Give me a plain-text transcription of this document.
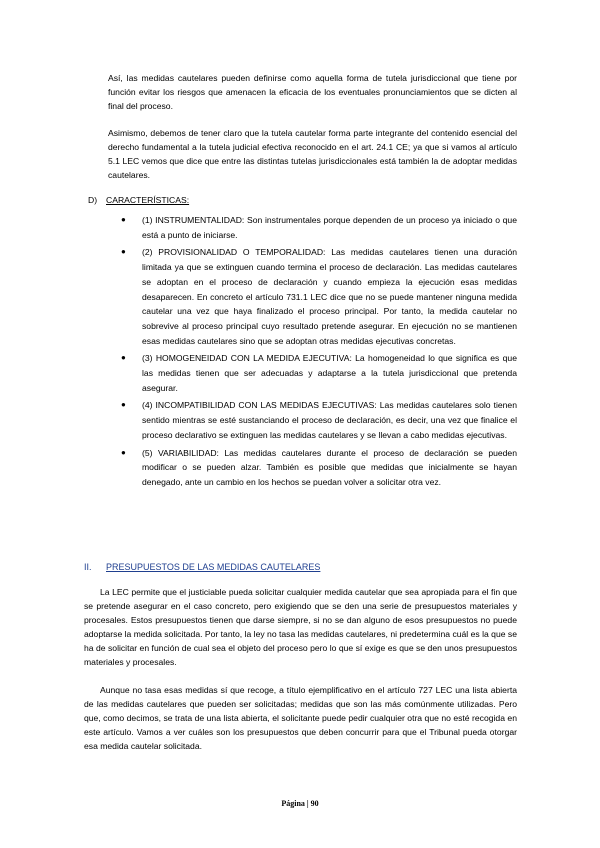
Así, las medidas cautelares pueden definirse como aquella forma de tutela jurisdiccional que tiene por función evitar los riesgos que amenacen la eficacia de los eventuales pronunciamientos que se dicten al final del proceso.

Asimismo, debemos de tener claro que la tutela cautelar forma parte integrante del contenido esencial del derecho fundamental a la tutela judicial efectiva reconocido en el art. 24.1 CE; ya que si vamos al artículo 5.1 LEC vemos que dice que entre las distintas tutelas jurisdiccionales está también la de adoptar medidas cautelares.

D) CARACTERÍSTICAS:
● (1) INSTRUMENTALIDAD: Son instrumentales porque dependen de un proceso ya iniciado o que está a punto de iniciarse.
● (2) PROVISIONALIDAD O TEMPORALIDAD: Las medidas cautelares tienen una duración limitada ya que se extinguen cuando termina el proceso de declaración. Las medidas cautelares se adoptan en el proceso de declaración y cuando empieza la ejecución esas medidas desaparecen. En concreto el artículo 731.1 LEC dice que no se puede mantener ninguna medida cautelar una vez que haya finalizado el proceso principal. Por tanto, la medida cautelar no sobrevive al proceso principal cuyo resultado pretende asegurar. En ejecución no se mantienen esas medidas cautelares sino que se adoptan otras medidas ejecutivas concretas.
● (3) HOMOGENEIDAD CON LA MEDIDA EJECUTIVA: La homogeneidad lo que significa es que las medidas tienen que ser adecuadas y adaptarse a la tutela jurisdiccional que pretenda asegurar.
● (4) INCOMPATIBILIDAD CON LAS MEDIDAS EJECUTIVAS: Las medidas cautelares solo tienen sentido mientras se esté sustanciando el proceso de declaración, es decir, una vez que finalice el proceso declarativo se extinguen las medidas cautelares y se llevan a cabo medidas ejecutivas.
● (5) VARIABILIDAD: Las medidas cautelares durante el proceso de declaración se pueden modificar o se pueden alzar. También es posible que medidas que inicialmente se hayan denegado, ante un cambio en los hechos se puedan volver a solicitar otra vez.
II. PRESUPUESTOS DE LAS MEDIDAS CAUTELARES

La LEC permite que el justiciable pueda solicitar cualquier medida cautelar que sea apropiada para el fin que se pretende asegurar en el caso concreto, pero exigiendo que se den una serie de presupuestos materiales y procesales. Estos presupuestos tienen que darse siempre, si no se dan alguno de esos presupuestos no puede adoptarse la medida solicitada. Por tanto, la ley no tasa las medidas cautelares, ni predetermina cuál es la que se ha de solicitar en función de cual sea el objeto del proceso pero lo que sí exige es que se den unos presupuestos materiales y procesales.

Aunque no tasa esas medidas sí que recoge, a título ejemplificativo en el artículo 727 LEC una lista abierta de las medidas cautelares que pueden ser solicitadas; medidas que son las más comúnmente utilizadas. Pero que, como decimos, se trata de una lista abierta, el solicitante puede pedir cualquier otra que no esté recogida en este artículo. Vamos a ver cuáles son los presupuestos que deben concurrir para que el Tribunal pueda otorgar esa medida cautelar solicitada.

Página | 90
